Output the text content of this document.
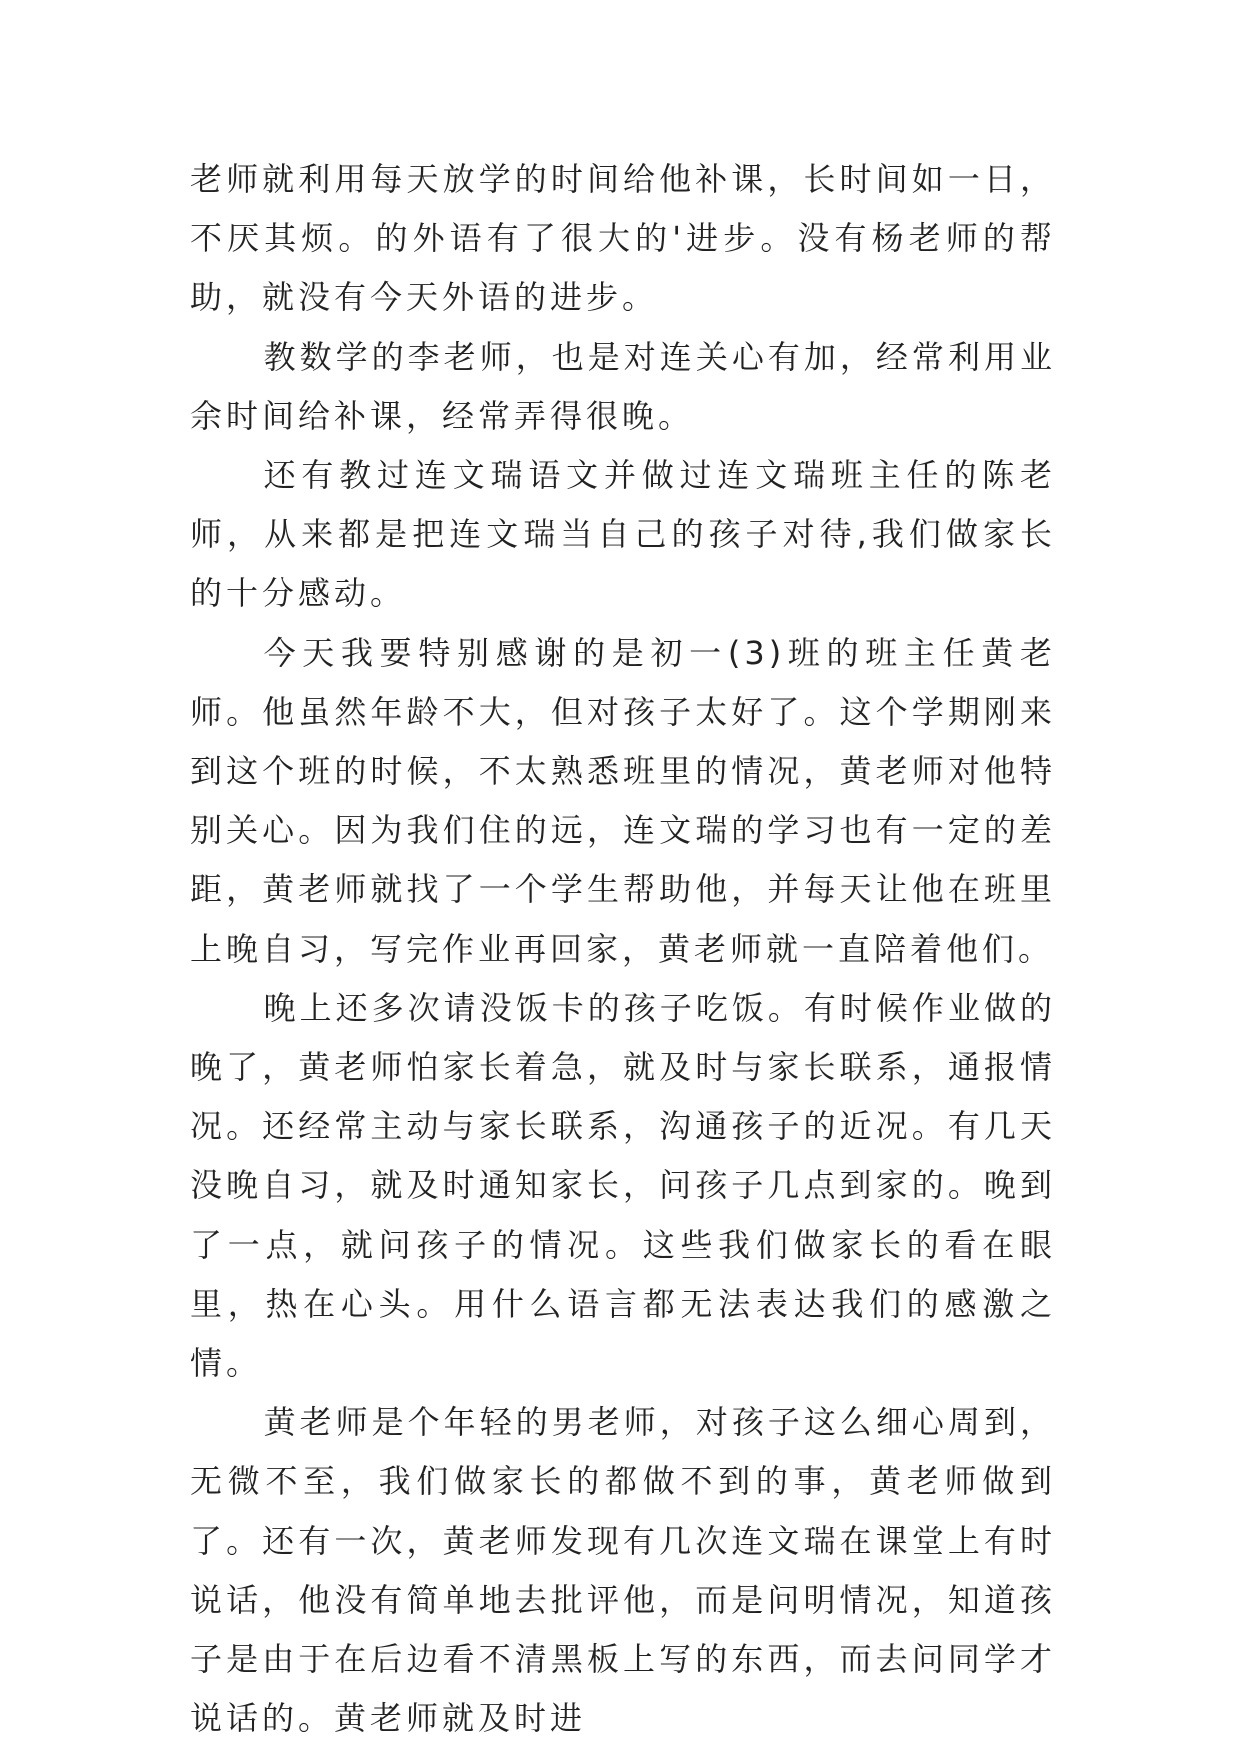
老师就利用每天放学的时间给他补课，长时间如一日，不厌其烦。的外语有了很大的'进步。没有杨老师的帮助，就没有今天外语的进步。

教数学的李老师，也是对连关心有加，经常利用业余时间给补课，经常弄得很晚。

还有教过连文瑞语文并做过连文瑞班主任的陈老师，从来都是把连文瑞当自己的孩子对待,我们做家长的十分感动。

今天我要特别感谢的是初一(3)班的班主任黄老师。他虽然年龄不大，但对孩子太好了。这个学期刚来到这个班的时候，不太熟悉班里的情况，黄老师对他特别关心。因为我们住的远，连文瑞的学习也有一定的差距，黄老师就找了一个学生帮助他，并每天让他在班里上晚自习，写完作业再回家，黄老师就一直陪着他们。

晚上还多次请没饭卡的孩子吃饭。有时候作业做的晚了，黄老师怕家长着急，就及时与家长联系，通报情况。还经常主动与家长联系，沟通孩子的近况。有几天没晚自习，就及时通知家长，问孩子几点到家的。晚到了一点，就问孩子的情况。这些我们做家长的看在眼里，热在心头。用什么语言都无法表达我们的感激之情。

黄老师是个年轻的男老师，对孩子这么细心周到，无微不至，我们做家长的都做不到的事，黄老师做到了。还有一次，黄老师发现有几次连文瑞在课堂上有时说话，他没有简单地去批评他，而是问明情况，知道孩子是由于在后边看不清黑板上写的东西，而去问同学才说话的。黄老师就及时进
